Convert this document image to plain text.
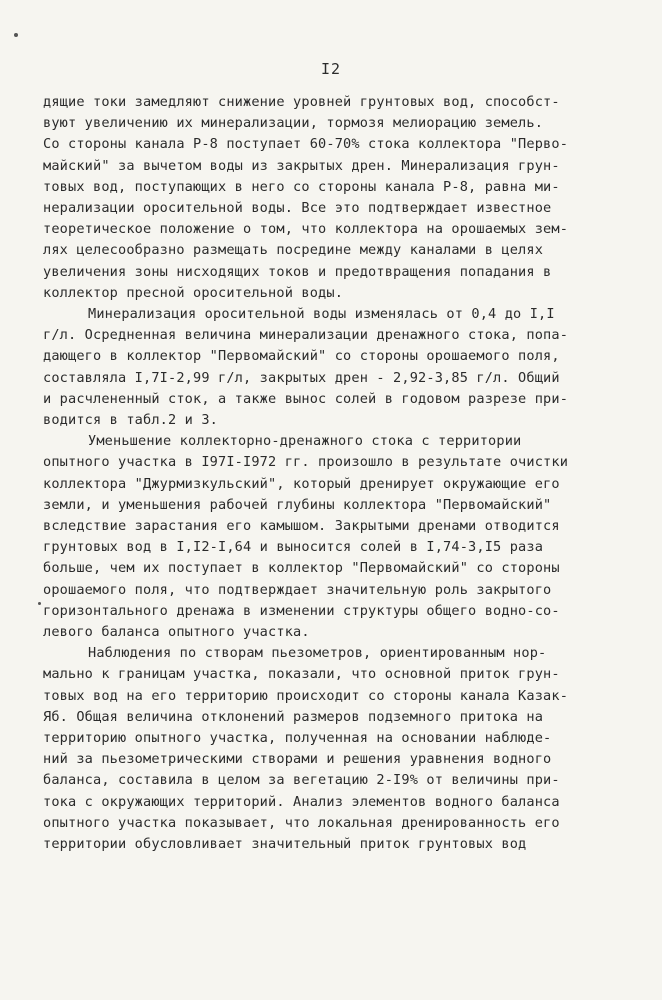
I2
дящие токи замедляют снижение уровней грунтовых вод, способст-
вуют увеличению их минерализации, тормозя мелиорацию земель.
Со стороны канала Р-8 поступает 60-70% стока коллектора "Перво-
майский" за вычетом воды из закрытых дрен. Минерализация грун-
товых вод, поступающих в него со стороны канала Р-8, равна ми-
нерализации оросительной воды. Все это подтверждает известное
теоретическое положение о том, что коллектора на орошаемых зем-
лях целесообразно размещать посредине между каналами в целях
увеличения зоны нисходящих токов и предотвращения попадания в
коллектор пресной оросительной воды.
Минерализация оросительной воды изменялась от 0,4 до I,I
г/л. Осредненная величина минерализации дренажного стока, попа-
дающего в коллектор "Первомайский" со стороны орошаемого поля,
составляла I,7I-2,99 г/л, закрытых дрен - 2,92-3,85 г/л. Общий
и расчлененный сток, а также вынос солей в годовом разрезе при-
водится в табл.2 и 3.
Уменьшение коллекторно-дренажного стока с территории
опытного участка в I97I-I972 гг. произошло в результате очистки
коллектора "Джурмизкульский", который дренирует окружающие его
земли, и уменьшения рабочей глубины коллектора "Первомайский"
вследствие зарастания его камышом. Закрытыми дренами отводится
грунтовых вод в I,I2-I,64 и выносится солей в I,74-3,I5 раза
больше, чем их поступает в коллектор "Первомайский" со стороны
орошаемого поля, что подтверждает значительную роль закрытого
горизонтального дренажа в изменении структуры общего водно-со-
левого баланса опытного участка.
Наблюдения по створам пьезометров, ориентированным нор-
мально к границам участка, показали, что основной приток грун-
товых вод на его территорию происходит со стороны канала Казак-
Яб. Общая величина отклонений размеров подземного притока на
территорию опытного участка, полученная на основании наблюде-
ний за пьезометрическими створами и решения уравнения водного
баланса, составила в целом за вегетацию 2-I9% от величины при-
тока с окружающих территорий. Анализ элементов водного баланса
опытного участка показывает, что локальная дренированность его
территории обусловливает значительный приток грунтовых вод
